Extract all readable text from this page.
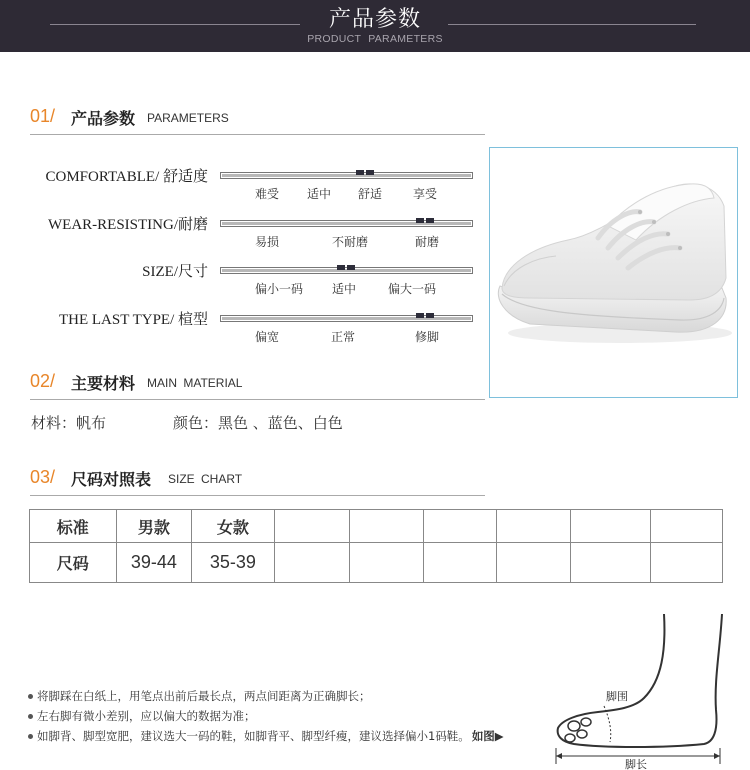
产品参数
PRODUCT PARAMETERS
01/ 产品参数 PARAMETERS
COMFORTABLE/ 舒适度
难受 适中 舒适	享受
WEAR-RESISTING/耐磨
易损	不耐磨	耐磨
SIZE/尺寸
偏小一码 适中	偏大一码
THE LAST TYPE/ 楦型
偏宽	正常	修脚
02/ 主要材料 MAIN MATERIAL
材料：帆布	颜色：黑色 、蓝色、白色
03/ 尺码对照表 SIZE CHART
标准	男款	女款						
尺码	39-44	35-39						
将脚踩在白纸上，用笔点出前后最长点，两点间距离为正确脚长；
左右脚有微小差别，应以偏大的数据为准；
如脚背、脚型宽肥，建议选大一码的鞋，如脚背平、脚型纤瘦，建议选择偏小1码鞋。 如图▶
脚围
脚长
